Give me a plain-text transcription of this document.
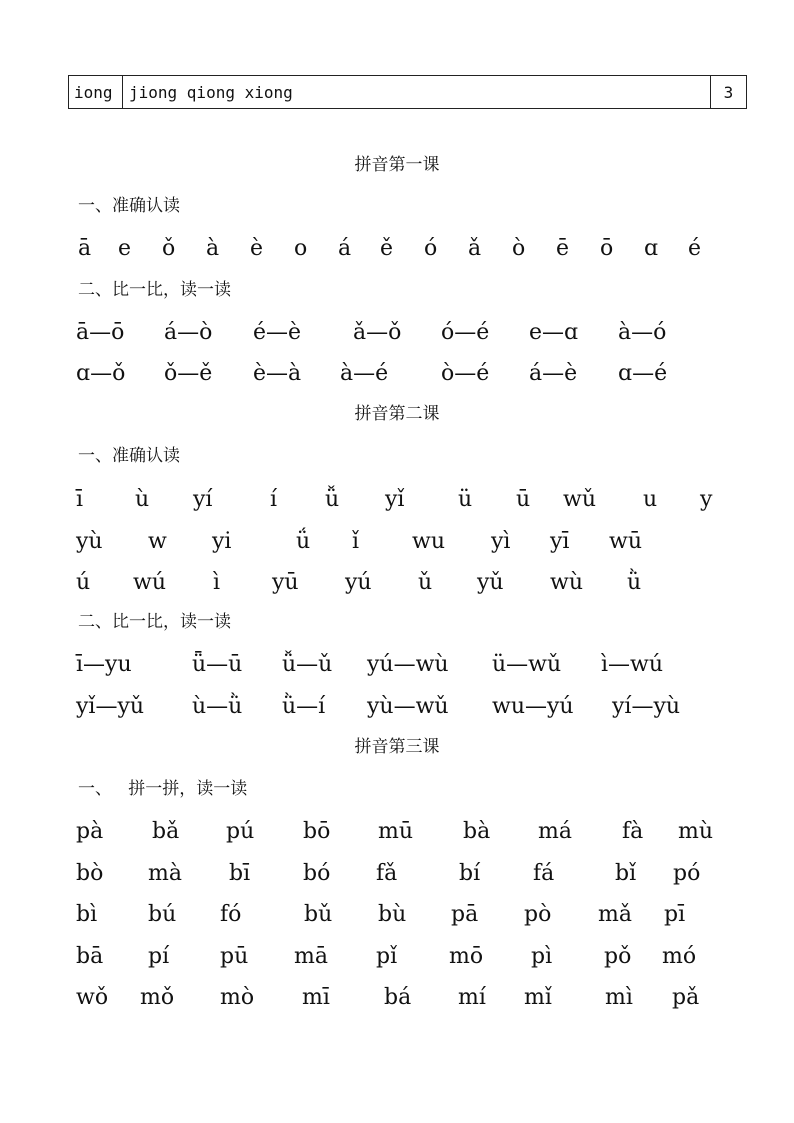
iong	jiong qiong xiong	3
拼音第一课
一、准确认读
ā e ǒ à è o á ě ó ǎ ò ē ō ɑ é
二、比一比，读一读
ā—ō á—ò é—è ǎ—ǒ ó—é e—ɑ à—ó
ɑ—ǒ ǒ—ě è—à à—é ò—é á—è ɑ—é
拼音第二课
一、准确认读
ī ù yí	í ǚ yǐ ü ū wǔ u y
yù w yi	ǘ ǐ wu yì yī wū
ú wú ì yū yú ǔ yǔ wù ǜ
二、比一比，读一读
ī—yu	ǖ—ū ǚ—ǔ yú—wù ü—wǔ ì—wú
yǐ—yǔ ù—ǜ ǜ—í yù—wǔ wu—yú yí—yù
拼音第三课
一、   拼一拼，读一读
pà bǎ pú bō mū bà má fà mù
bò mà bī bó fǎ	bí fá	bǐ pó
bì bú fó	bǔ bù pā pò mǎ pī
bā pí pū mā pǐ mō pì pǒ mó
wǒ mǒ mò mī bá mí mǐ mì pǎ
